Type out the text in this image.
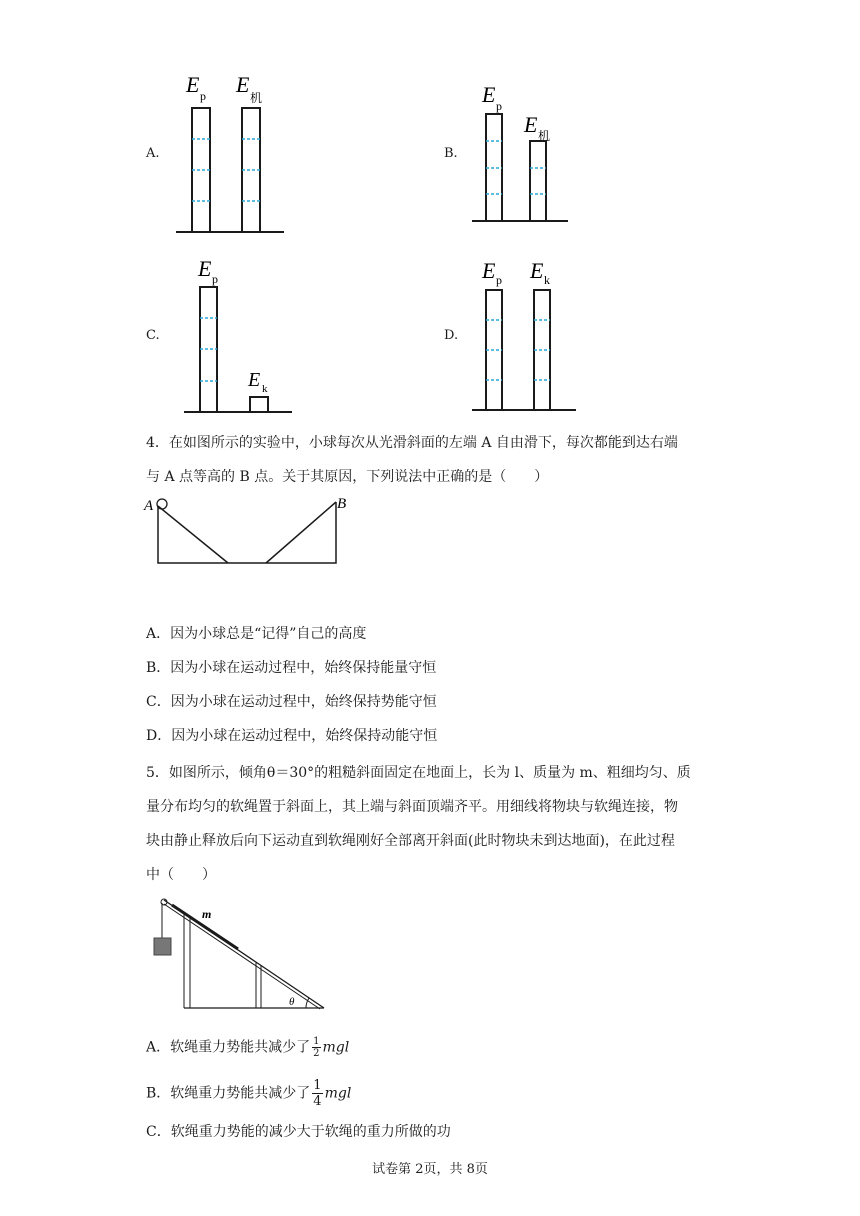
A.
E p E
机
B.
E p
E 机
C.
E p
E k
D.
E p E k
4．在如图所示的实验中，小球每次从光滑斜面的左端 A 自由滑下，每次都能到达右端
与 A 点等高的 B 点。关于其原因，下列说法中正确的是（　　）
A	B
A．因为小球总是“记得”自己的高度
B．因为小球在运动过程中，始终保持能量守恒
C．因为小球在运动过程中，始终保持势能守恒
D．因为小球在运动过程中，始终保持动能守恒
5．如图所示，倾角θ＝30°的粗糙斜面固定在地面上，长为 l、质量为 m、粗细均匀、质
量分布均匀的软绳置于斜面上，其上端与斜面顶端齐平。用细线将物块与软绳连接，物
块由静止释放后向下运动直到软绳刚好全部离开斜面(此时物块未到达地面)，在此过程
中（　　）
m
θ
A．软绳重力势能共减少了 $\frac{1}{2}$ mgl
B．软绳重力势能共减少了 $\frac{1}{4}$ mgl
C．软绳重力势能的减少大于软绳的重力所做的功
试卷第 2页，共 8页
